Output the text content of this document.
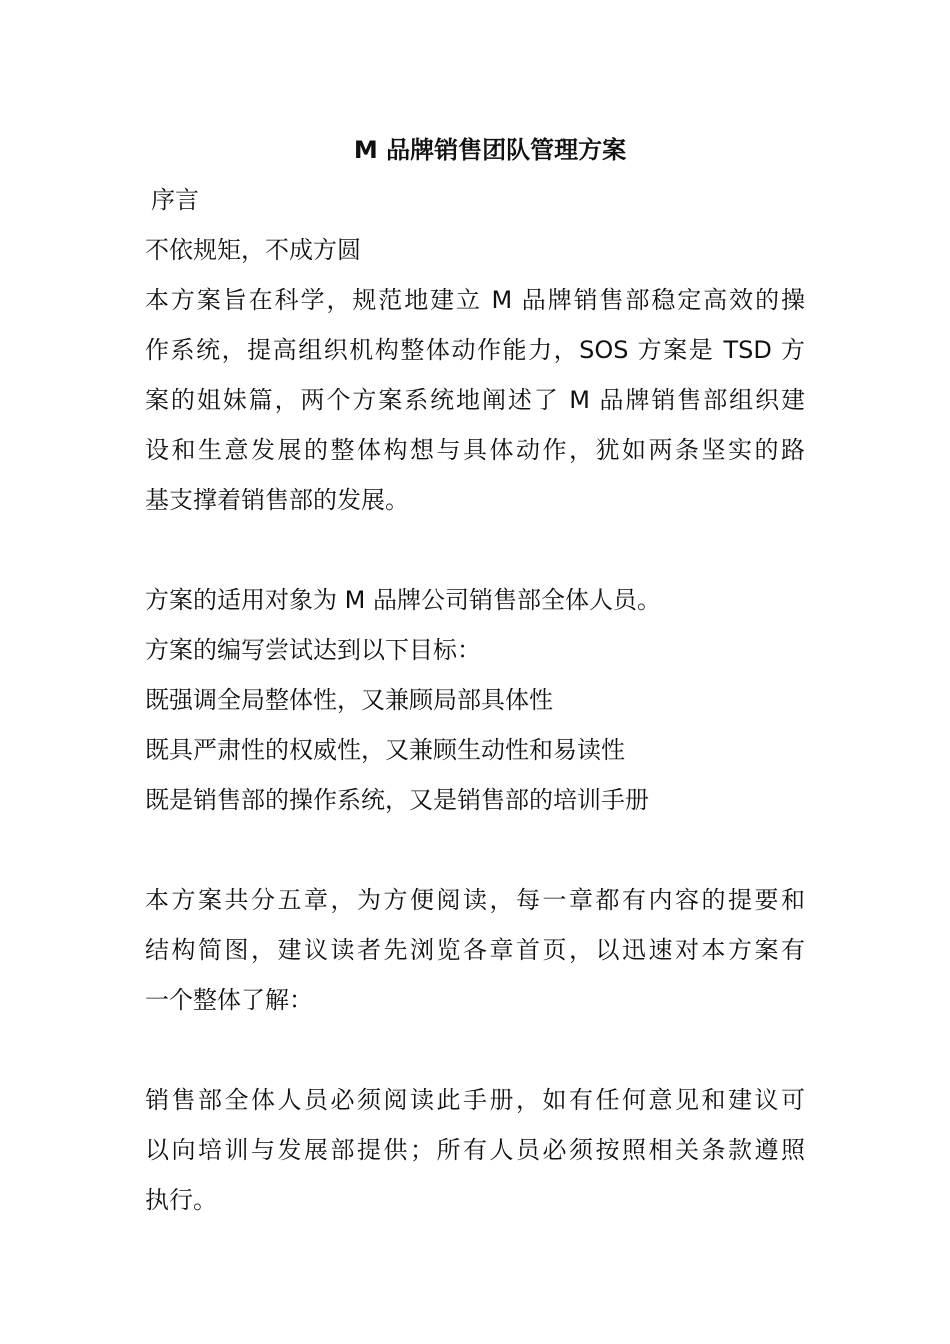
M 品牌销售团队管理方案
序言
不依规矩，不成方圆
本方案旨在科学，规范地建立 M 品牌销售部稳定高效的操
作系统，提高组织机构整体动作能力，SOS 方案是 TSD 方
案的姐妹篇，两个方案系统地阐述了 M 品牌销售部组织建
设和生意发展的整体构想与具体动作，犹如两条坚实的路
基支撑着销售部的发展。
方案的适用对象为 M 品牌公司销售部全体人员。
方案的编写尝试达到以下目标：
既强调全局整体性，又兼顾局部具体性
既具严肃性的权威性，又兼顾生动性和易读性
既是销售部的操作系统，又是销售部的培训手册
本方案共分五章，为方便阅读，每一章都有内容的提要和
结构简图，建议读者先浏览各章首页，以迅速对本方案有
一个整体了解：
销售部全体人员必须阅读此手册，如有任何意见和建议可
以向培训与发展部提供；所有人员必须按照相关条款遵照
执行。
